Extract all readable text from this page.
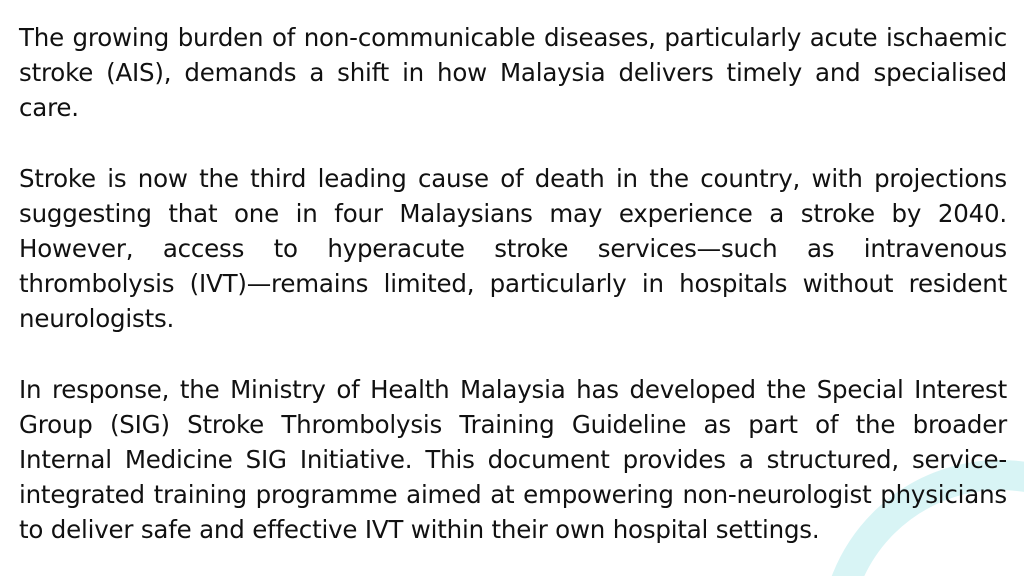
The growing burden of non-communicable diseases, particularly acute ischaemic stroke (AIS), demands a shift in how Malaysia delivers timely and specialised care.

Stroke is now the third leading cause of death in the country, with projections suggesting that one in four Malaysians may experience a stroke by 2040. However, access to hyperacute stroke services—such as intravenous thrombolysis (IVT)—remains limited, particularly in hospitals without resident neurologists.

In response, the Ministry of Health Malaysia has developed the Special Interest Group (SIG) Stroke Thrombolysis Training Guideline as part of the broader Internal Medicine SIG Initiative. This document provides a structured, service-integrated training programme aimed at empowering non-neurologist physicians to deliver safe and effective IVT within their own hospital settings.
